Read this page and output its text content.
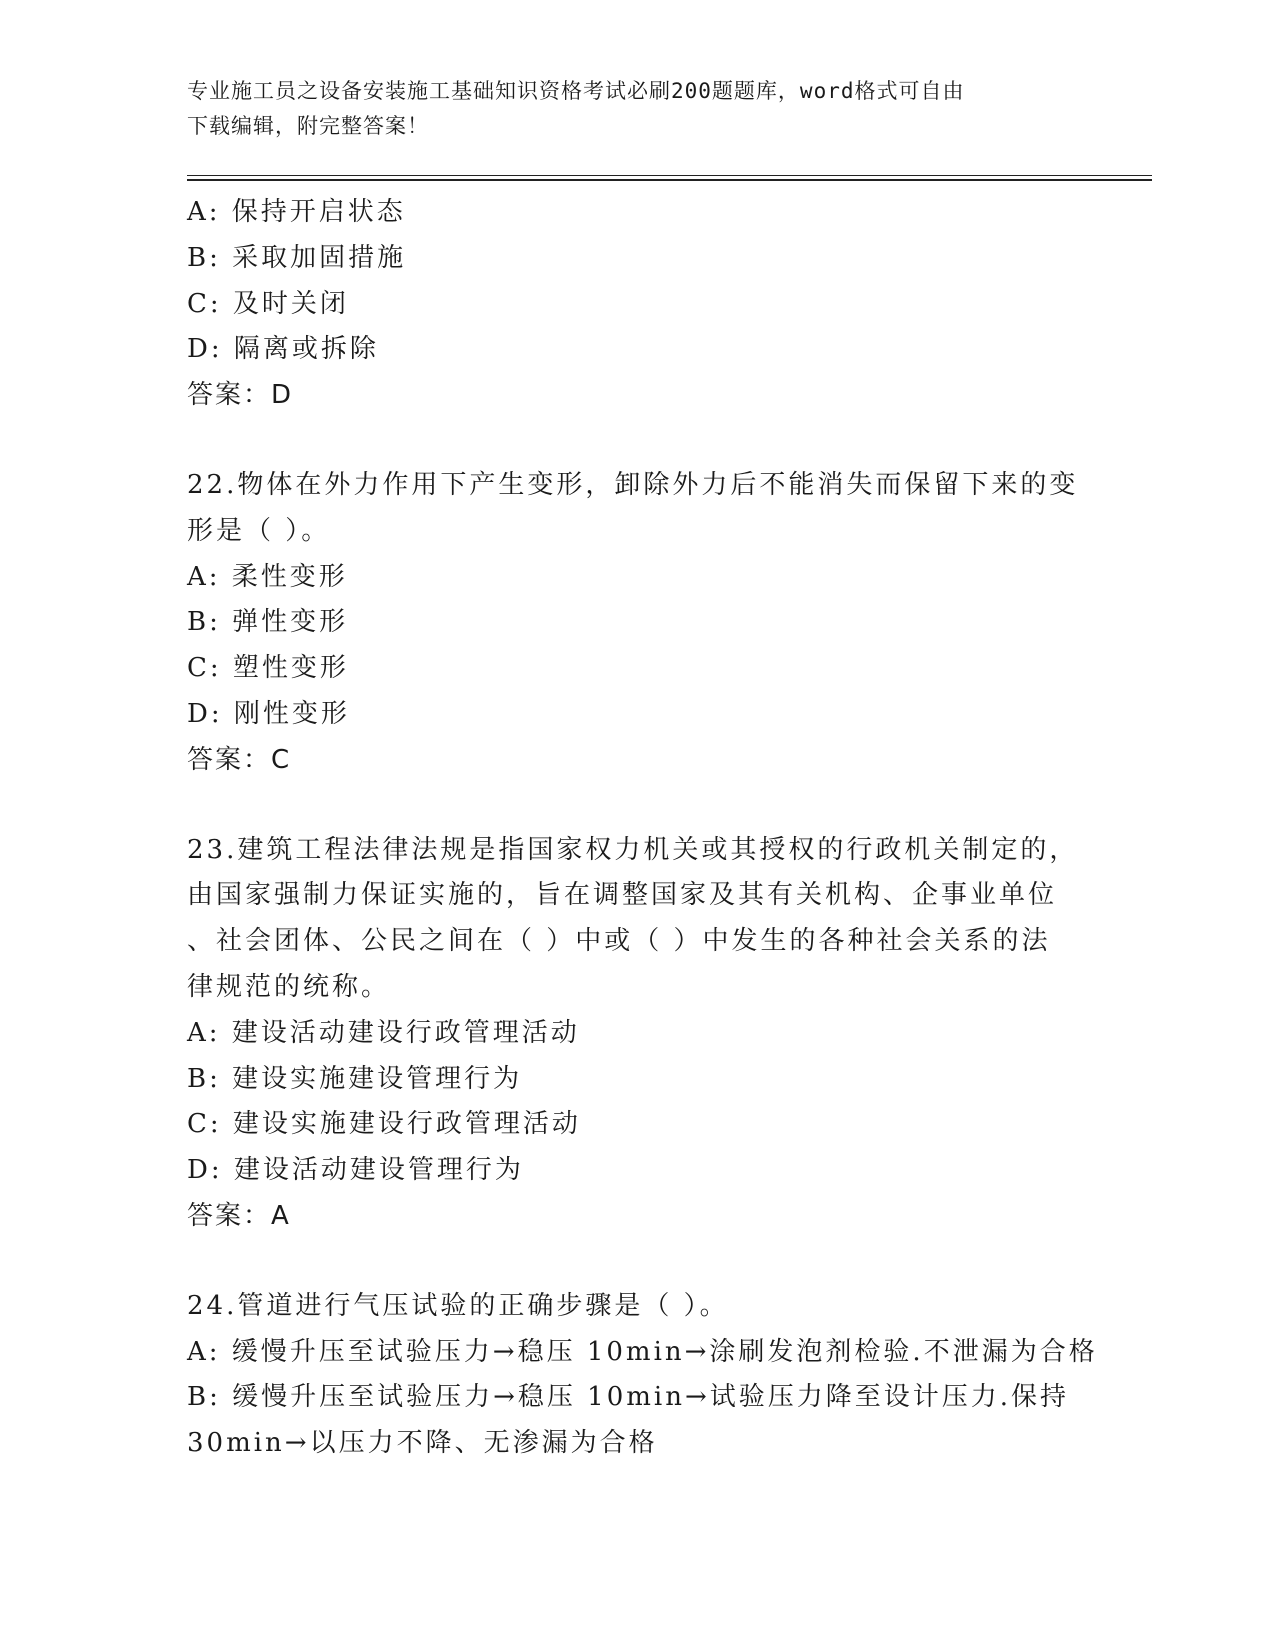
专业施工员之设备安装施工基础知识资格考试必刷200题题库，word格式可自由
下载编辑，附完整答案！
A: 保持开启状态
B: 采取加固措施
C: 及时关闭
D: 隔离或拆除
答案：D
22.物体在外力作用下产生变形，卸除外力后不能消失而保留下来的变
形是（ ）。
A: 柔性变形
B: 弹性变形
C: 塑性变形
D: 刚性变形
答案：C
23.建筑工程法律法规是指国家权力机关或其授权的行政机关制定的，
由国家强制力保证实施的，旨在调整国家及其有关机构、企事业单位
、社会团体、公民之间在（ ）中或（ ）中发生的各种社会关系的法
律规范的统称。
A: 建设活动建设行政管理活动
B: 建设实施建设管理行为
C: 建设实施建设行政管理活动
D: 建设活动建设管理行为
答案：A
24.管道进行气压试验的正确步骤是（ ）。
A: 缓慢升压至试验压力→稳压 10min→涂刷发泡剂检验.不泄漏为合格
B: 缓慢升压至试验压力→稳压 10min→试验压力降至设计压力.保持
30min→以压力不降、无渗漏为合格
